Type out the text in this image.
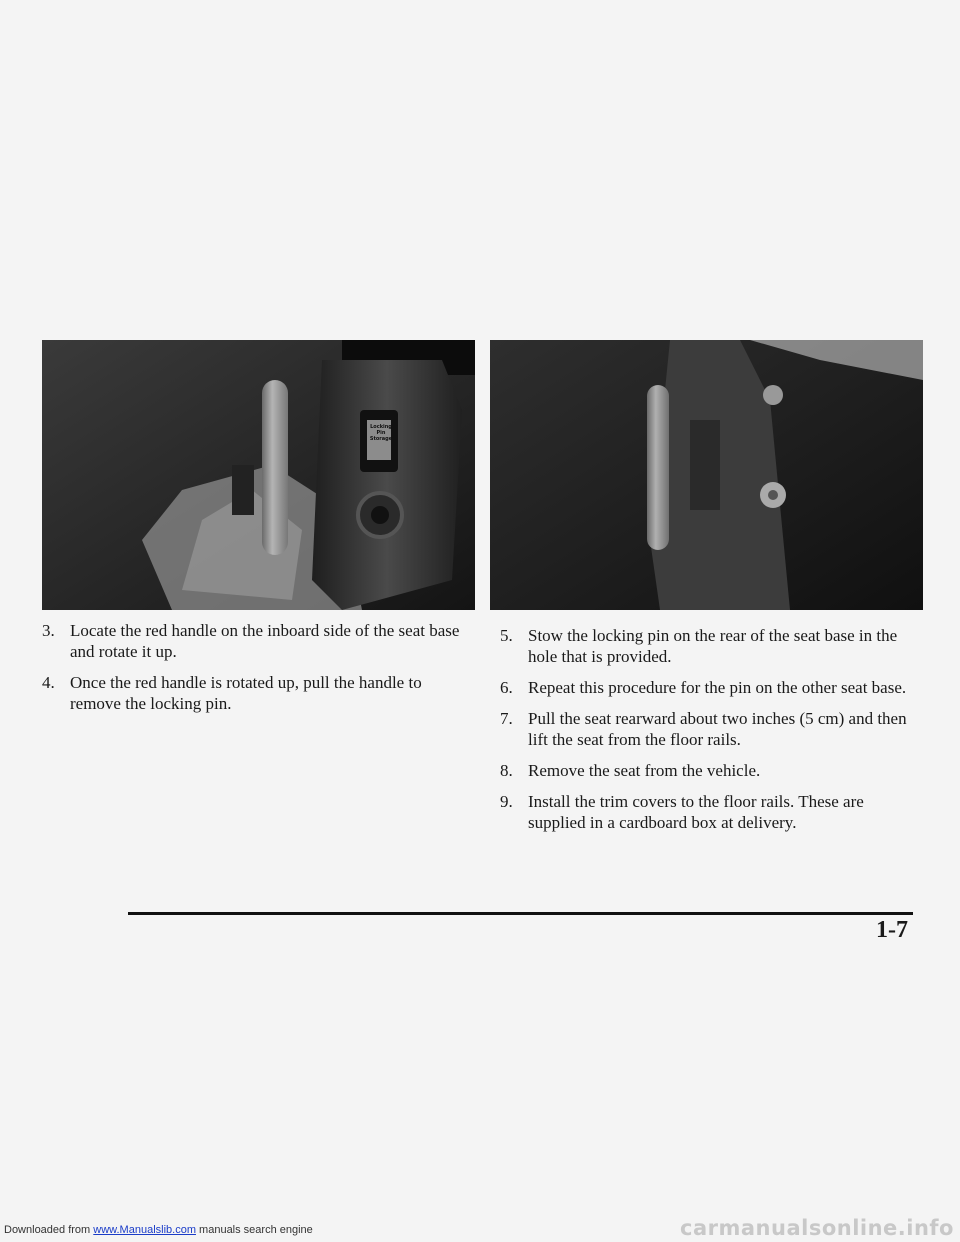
Locking Pin Storage
3. Locate the red handle on the inboard side of the seat base and rotate it up.
4. Once the red handle is rotated up, pull the handle to remove the locking pin.
5. Stow the locking pin on the rear of the seat base in the hole that is provided.
6. Repeat this procedure for the pin on the other seat base.
7. Pull the seat rearward about two inches (5 cm) and then lift the seat from the floor rails.
8. Remove the seat from the vehicle.
9. Install the trim covers to the floor rails. These are supplied in a cardboard box at delivery.
1-7
Downloaded from www.Manualslib.com manuals search engine	carmanualsonline.info
